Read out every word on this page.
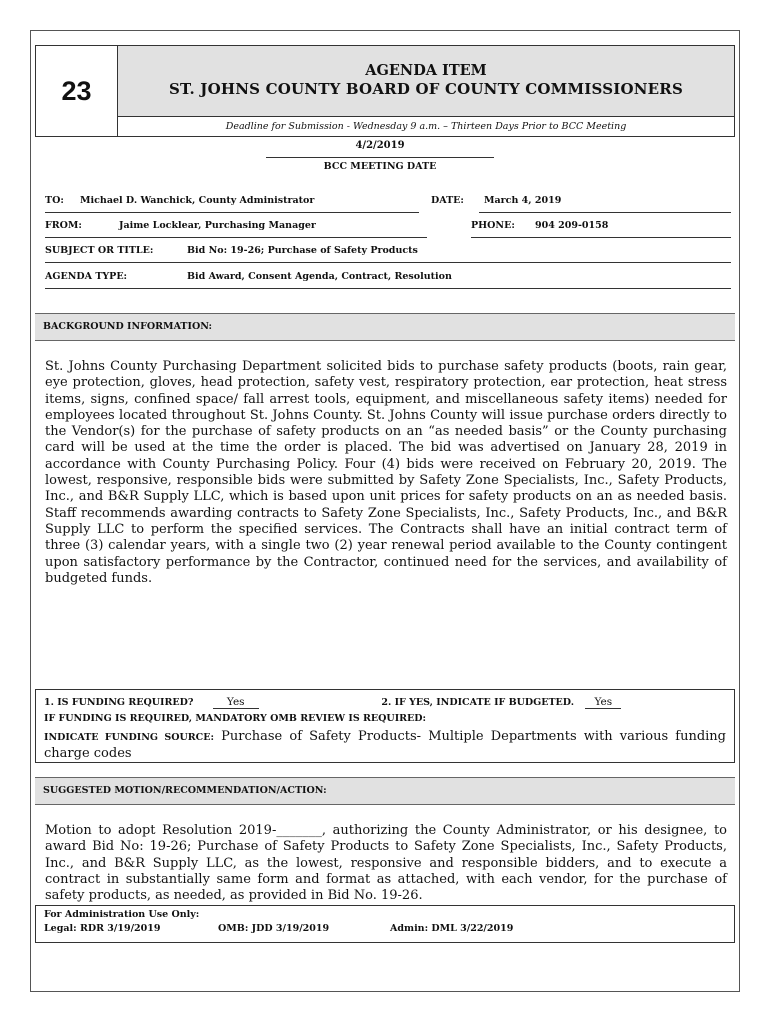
23
AGENDA ITEM
ST. JOHNS COUNTY BOARD OF COUNTY COMMISSIONERS
Deadline for Submission - Wednesday 9 a.m. – Thirteen Days Prior to BCC Meeting
4/2/2019
BCC MEETING DATE
TO: Michael D. Wanchick, County Administrator	DATE: March 4, 2019
FROM:	Jaime Locklear, Purchasing Manager	PHONE: 904 209-0158
SUBJECT OR TITLE:	Bid No: 19-26; Purchase of Safety Products
AGENDA TYPE:	Bid Award, Consent Agenda, Contract, Resolution
BACKGROUND INFORMATION:
St. Johns County Purchasing Department solicited bids to purchase safety products (boots, rain gear, eye protection, gloves, head protection, safety vest, respiratory protection, ear protection, heat stress items, signs, confined space/ fall arrest tools, equipment, and miscellaneous safety items) needed for employees located throughout St. Johns County. St. Johns County will issue purchase orders directly to the Vendor(s) for the purchase of safety products on an “as needed basis” or the County purchasing card will be used at the time the order is placed. The bid was advertised on January 28, 2019 in accordance with County Purchasing Policy. Four (4) bids were received on February 20, 2019. The lowest, responsive, responsible bids were submitted by Safety Zone Specialists, Inc., Safety Products, Inc., and B&R Supply LLC, which is based upon unit prices for safety products on an as needed basis. Staff recommends awarding contracts to Safety Zone Specialists, Inc., Safety Products, Inc., and B&R Supply LLC to perform the specified services. The Contracts shall have an initial contract term of three (3) calendar years, with a single two (2) year renewal period available to the County contingent upon satisfactory performance by the Contractor, continued need for the services, and availability of budgeted funds.
1. IS FUNDING REQUIRED?	Yes	2. IF YES, INDICATE IF BUDGETED. Yes
IF FUNDING IS REQUIRED, MANDATORY OMB REVIEW IS REQUIRED:
INDICATE FUNDING SOURCE: Purchase of Safety Products- Multiple Departments with various funding charge codes
SUGGESTED MOTION/RECOMMENDATION/ACTION:
Motion to adopt Resolution 2019-_______, authorizing the County Administrator, or his designee, to award Bid No: 19-26; Purchase of Safety Products to Safety Zone Specialists, Inc., Safety Products, Inc., and B&R Supply LLC, as the lowest, responsive and responsible bidders, and to execute a contract in substantially same form and format as attached, with each vendor, for the purchase of safety products, as needed, as provided in Bid No. 19-26.
For Administration Use Only:
Legal: RDR 3/19/2019	OMB: JDD 3/19/2019	Admin: DML 3/22/2019
